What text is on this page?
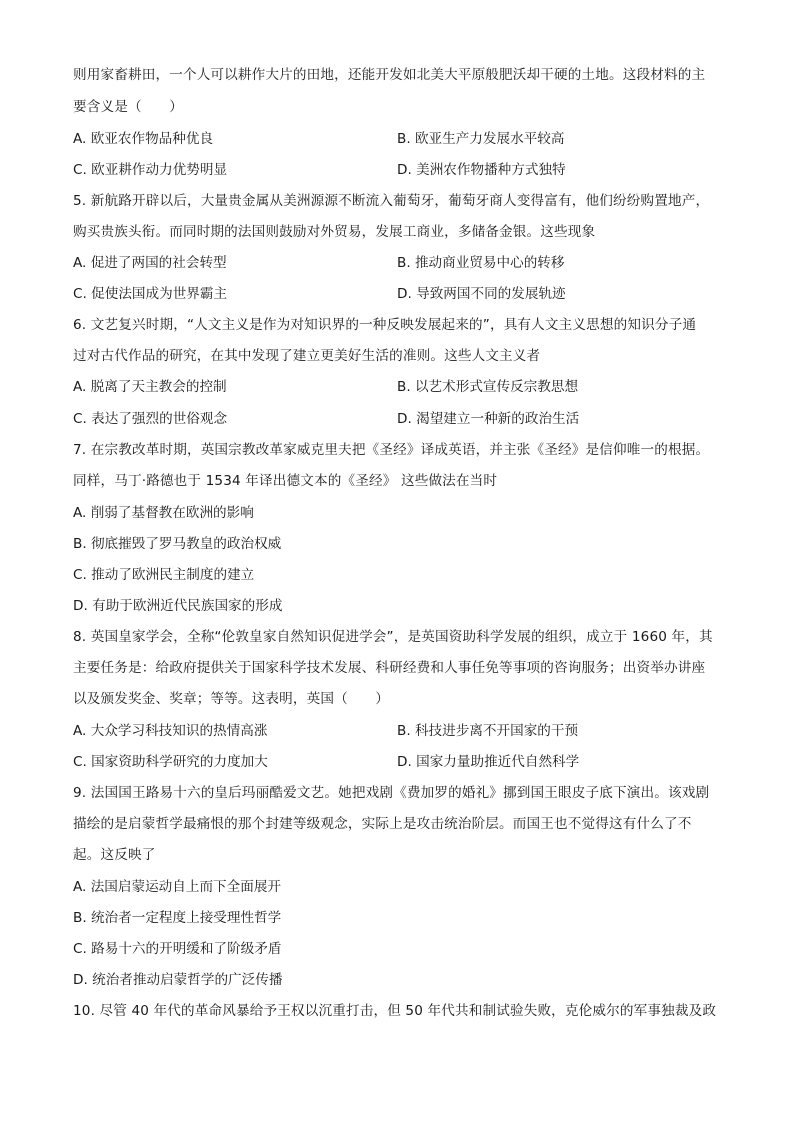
则用家畜耕田，一个人可以耕作大片的田地，还能开发如北美大平原般肥沃却干硬的土地。这段材料的主
要含义是（　　）
A. 欧亚农作物品种优良	B. 欧亚生产力发展水平较高
C. 欧亚耕作动力优势明显	D. 美洲农作物播种方式独特
5. 新航路开辟以后，大量贵金属从美洲源源不断流入葡萄牙，葡萄牙商人变得富有，他们纷纷购置地产，
购买贵族头衔。而同时期的法国则鼓励对外贸易，发展工商业，多储备金银。这些现象
A. 促进了两国的社会转型	B. 推动商业贸易中心的转移
C. 促使法国成为世界霸主	D. 导致两国不同的发展轨迹
6. 文艺复兴时期，“人文主义是作为对知识界的一种反映发展起来的”，具有人文主义思想的知识分子通
过对古代作品的研究，在其中发现了建立更美好生活的准则。这些人文主义者
A. 脱离了天主教会的控制	B. 以艺术形式宣传反宗教思想
C. 表达了强烈的世俗观念	D. 渴望建立一种新的政治生活
7. 在宗教改革时期，英国宗教改革家威克里夫把《圣经》译成英语，并主张《圣经》是信仰唯一的根据。
同样，马丁·路德也于 1534 年译出德文本的《圣经》 这些做法在当时
A. 削弱了基督教在欧洲的影响
B. 彻底摧毁了罗马教皇的政治权威
C. 推动了欧洲民主制度的建立
D. 有助于欧洲近代民族国家的形成
8. 英国皇家学会，全称“伦敦皇家自然知识促进学会”，是英国资助科学发展的组织，成立于 1660 年，其
主要任务是：给政府提供关于国家科学技术发展、科研经费和人事任免等事项的咨询服务；出资举办讲座
以及颁发奖金、奖章；等等。这表明，英国（　　）
A. 大众学习科技知识的热情高涨	B. 科技进步离不开国家的干预
C. 国家资助科学研究的力度加大	D. 国家力量助推近代自然科学
9. 法国国王路易十六的皇后玛丽酷爱文艺。她把戏剧《费加罗的婚礼》挪到国王眼皮子底下演出。该戏剧
描绘的是启蒙哲学最痛恨的那个封建等级观念，实际上是攻击统治阶层。而国王也不觉得这有什么了不
起。这反映了
A. 法国启蒙运动自上而下全面展开
B. 统治者一定程度上接受理性哲学
C. 路易十六的开明缓和了阶级矛盾
D. 统治者推动启蒙哲学的广泛传播
10. 尽管 40 年代的革命风暴给予王权以沉重打击，但 50 年代共和制试验失败，克伦威尔的军事独裁及政
